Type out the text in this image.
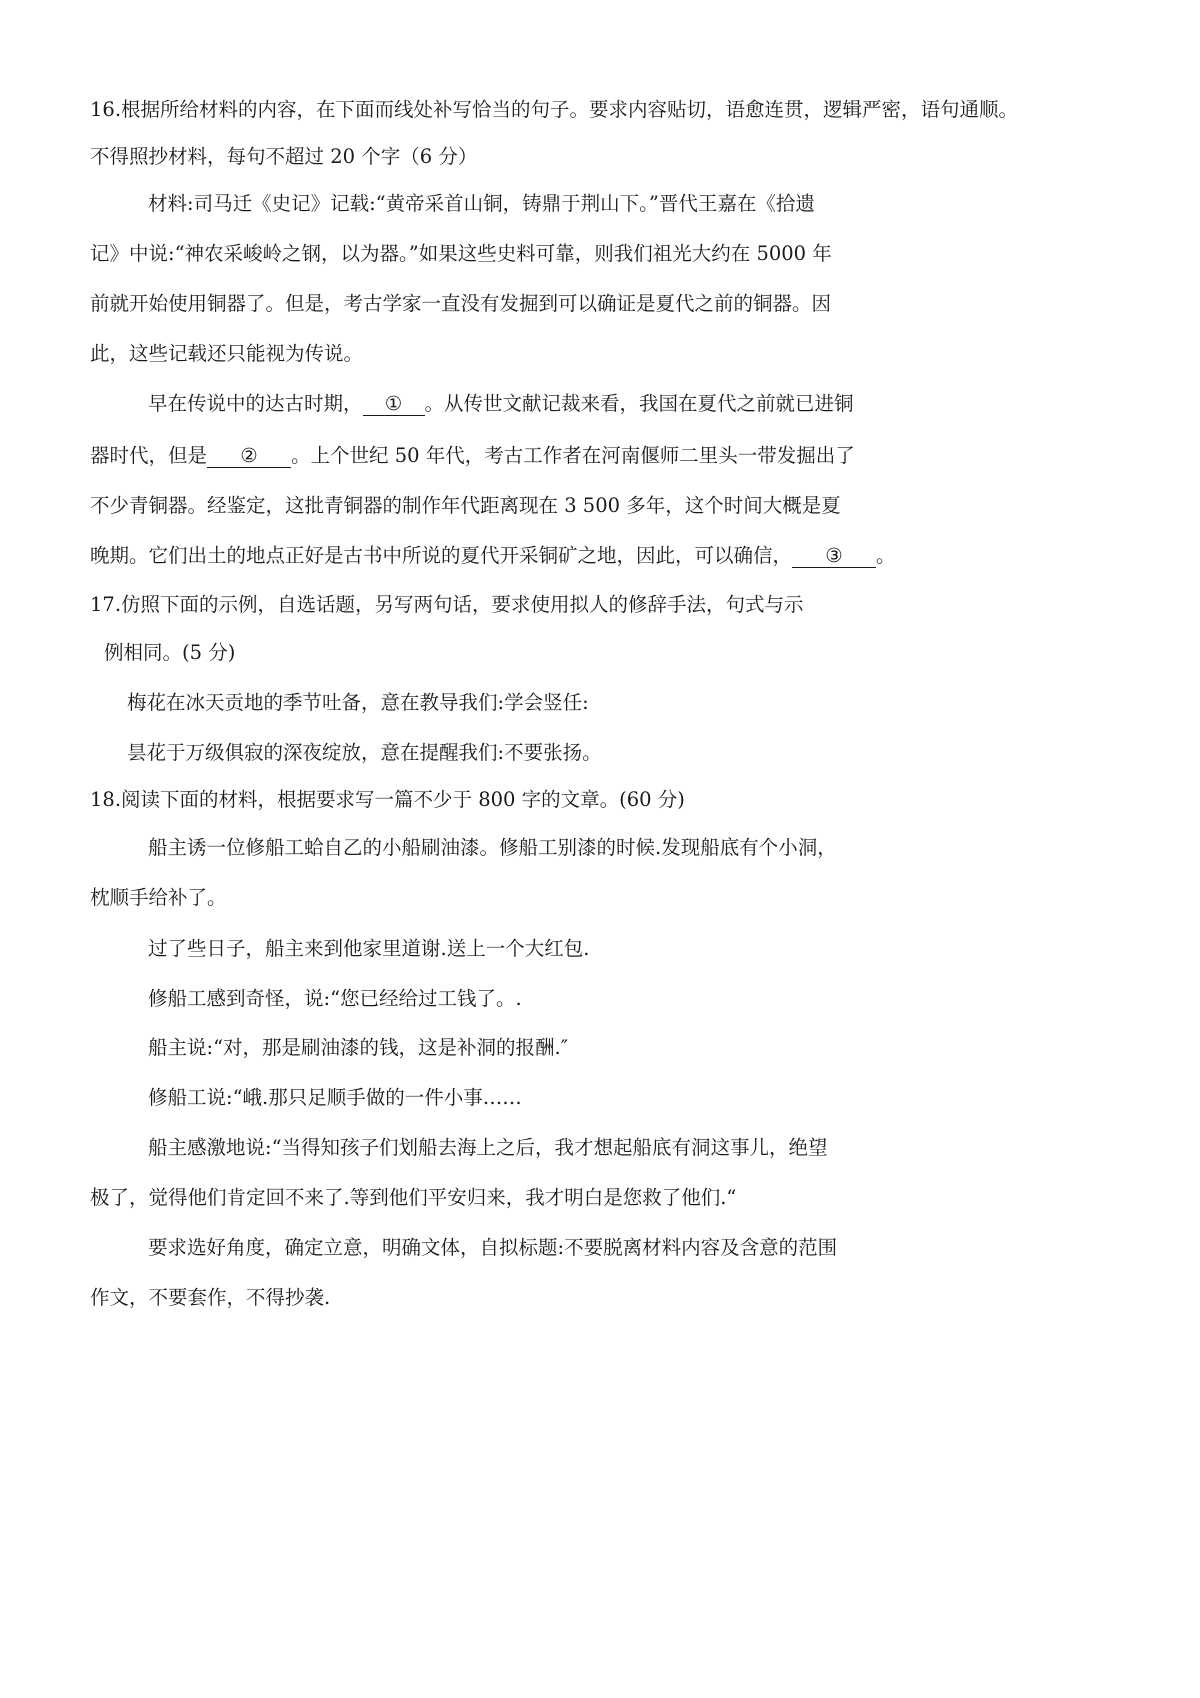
16.根据所给材料的内容，在下面而线处补写恰当的句子。要求内容贴切，语愈连贯，逻辑严密，语句通顺。
不得照抄材料，每句不超过 20 个字（6 分）
材料:司马迁《史记》记载:“黄帝采首山铜，铸鼎于荆山下。”晋代王嘉在《拾遗
记》中说:“神农采峻岭之钢，以为器。”如果这些史料可靠，则我们祖光大约在 5000 年
前就开始使用铜器了。但是，考古学家一直没有发掘到可以确证是夏代之前的铜器。因
此，这些记载还只能视为传说。
早在传说中的达古时期， ① 。从传世文献记裁来看，我国在夏代之前就已进铜
器时代，但是 ② 。上个世纪 50 年代，考古工作者在河南偃师二里头一带发掘出了
不少青铜器。经鉴定，这批青铜器的制作年代距离现在 3 500 多年，这个时间大概是夏
晚期。它们出土的地点正好是古书中所说的夏代开采铜矿之地，因此，可以确信， ③ 。
17.仿照下面的示例，自选话题，另写两句话，要求使用拟人的修辞手法，句式与示
例相同。(5 分)
梅花在冰天贡地的季节吐备，意在教导我们:学会竖任:
昙花于万级俱寂的深夜绽放，意在提醒我们:不要张扬。
18.阅读下面的材料，根据要求写一篇不少于 800 字的文章。(60 分)
船主诱一位修船工蛤自乙的小船刷油漆。修船工别漆的时候.发现船底有个小洞，
枕顺手给补了。
过了些日子，船主来到他家里道谢.送上一个大红包.
修船工感到奇怪，说:“您已经给过工钱了。.
船主说:“对，那是刷油漆的钱，这是补洞的报酬.″
修船工说:“峨.那只足顺手做的一件小事……
船主感激地说:“当得知孩子们划船去海上之后，我才想起船底有洞这事儿，绝望
极了，觉得他们肯定回不来了.等到他们平安归来，我才明白是您救了他们.“
要求选好角度，确定立意，明确文体，自拟标题:不要脱离材料内容及含意的范围
作文，不要套作，不得抄袭.
